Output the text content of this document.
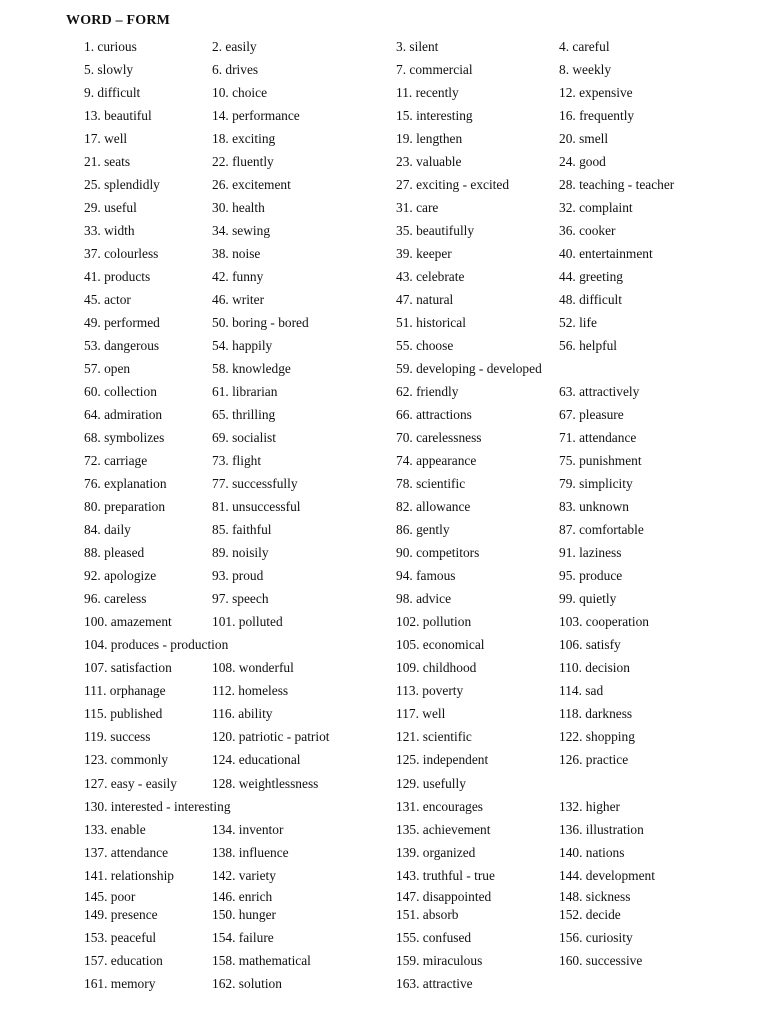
WORD – FORM
1. curious	2. easily	3. silent	4. careful
5. slowly	6. drives	7. commercial	8. weekly
9. difficult	10. choice	11. recently	12. expensive
13. beautiful	14. performance	15. interesting	16. frequently
17. well	18. exciting	19. lengthen	20. smell
21. seats	22. fluently	23. valuable	24. good
25. splendidly	26. excitement	27. exciting - excited	28. teaching - teacher
29. useful	30. health	31. care	32. complaint
33. width	34. sewing	35. beautifully	36. cooker
37. colourless	38. noise	39. keeper	40. entertainment
41. products	42. funny	43. celebrate	44. greeting
45. actor	46. writer	47. natural	48. difficult
49. performed	50. boring - bored	51. historical	52. life
53. dangerous	54. happily	55. choose	56. helpful
57. open	58. knowledge	59. developing - developed
60. collection	61. librarian	62. friendly	63. attractively
64. admiration	65. thrilling	66. attractions	67. pleasure
68. symbolizes	69. socialist	70. carelessness	71. attendance
72. carriage	73. flight	74. appearance	75. punishment
76. explanation	77. successfully	78. scientific	79. simplicity
80. preparation	81. unsuccessful	82. allowance	83. unknown
84. daily	85. faithful	86. gently	87. comfortable
88. pleased	89. noisily	90. competitors	91. laziness
92. apologize	93. proud	94. famous	95. produce
96. careless	97. speech	98. advice	99. quietly
100. amazement	101. polluted	102. pollution	103. cooperation
104. produces - production	105. economical	106. satisfy
107. satisfaction	108. wonderful	109. childhood	110. decision
111. orphanage	112. homeless	113. poverty	114. sad
115. published	116. ability	117. well	118. darkness
119. success	120. patriotic - patriot	121. scientific	122. shopping
123. commonly	124. educational	125. independent	126. practice
127. easy - easily	128. weightlessness	129. usefully
130. interested - interesting	131. encourages	132. higher
133. enable	134. inventor	135. achievement	136. illustration
137. attendance	138. influence	139. organized	140. nations
141. relationship	142. variety	143. truthful - true	144. development
145. poor	146. enrich	147. disappointed	148. sickness
149. presence	150. hunger	151. absorb	152. decide
153. peaceful	154. failure	155. confused	156. curiosity
157. education	158. mathematical	159. miraculous	160. successive
161. memory	162. solution	163. attractive
